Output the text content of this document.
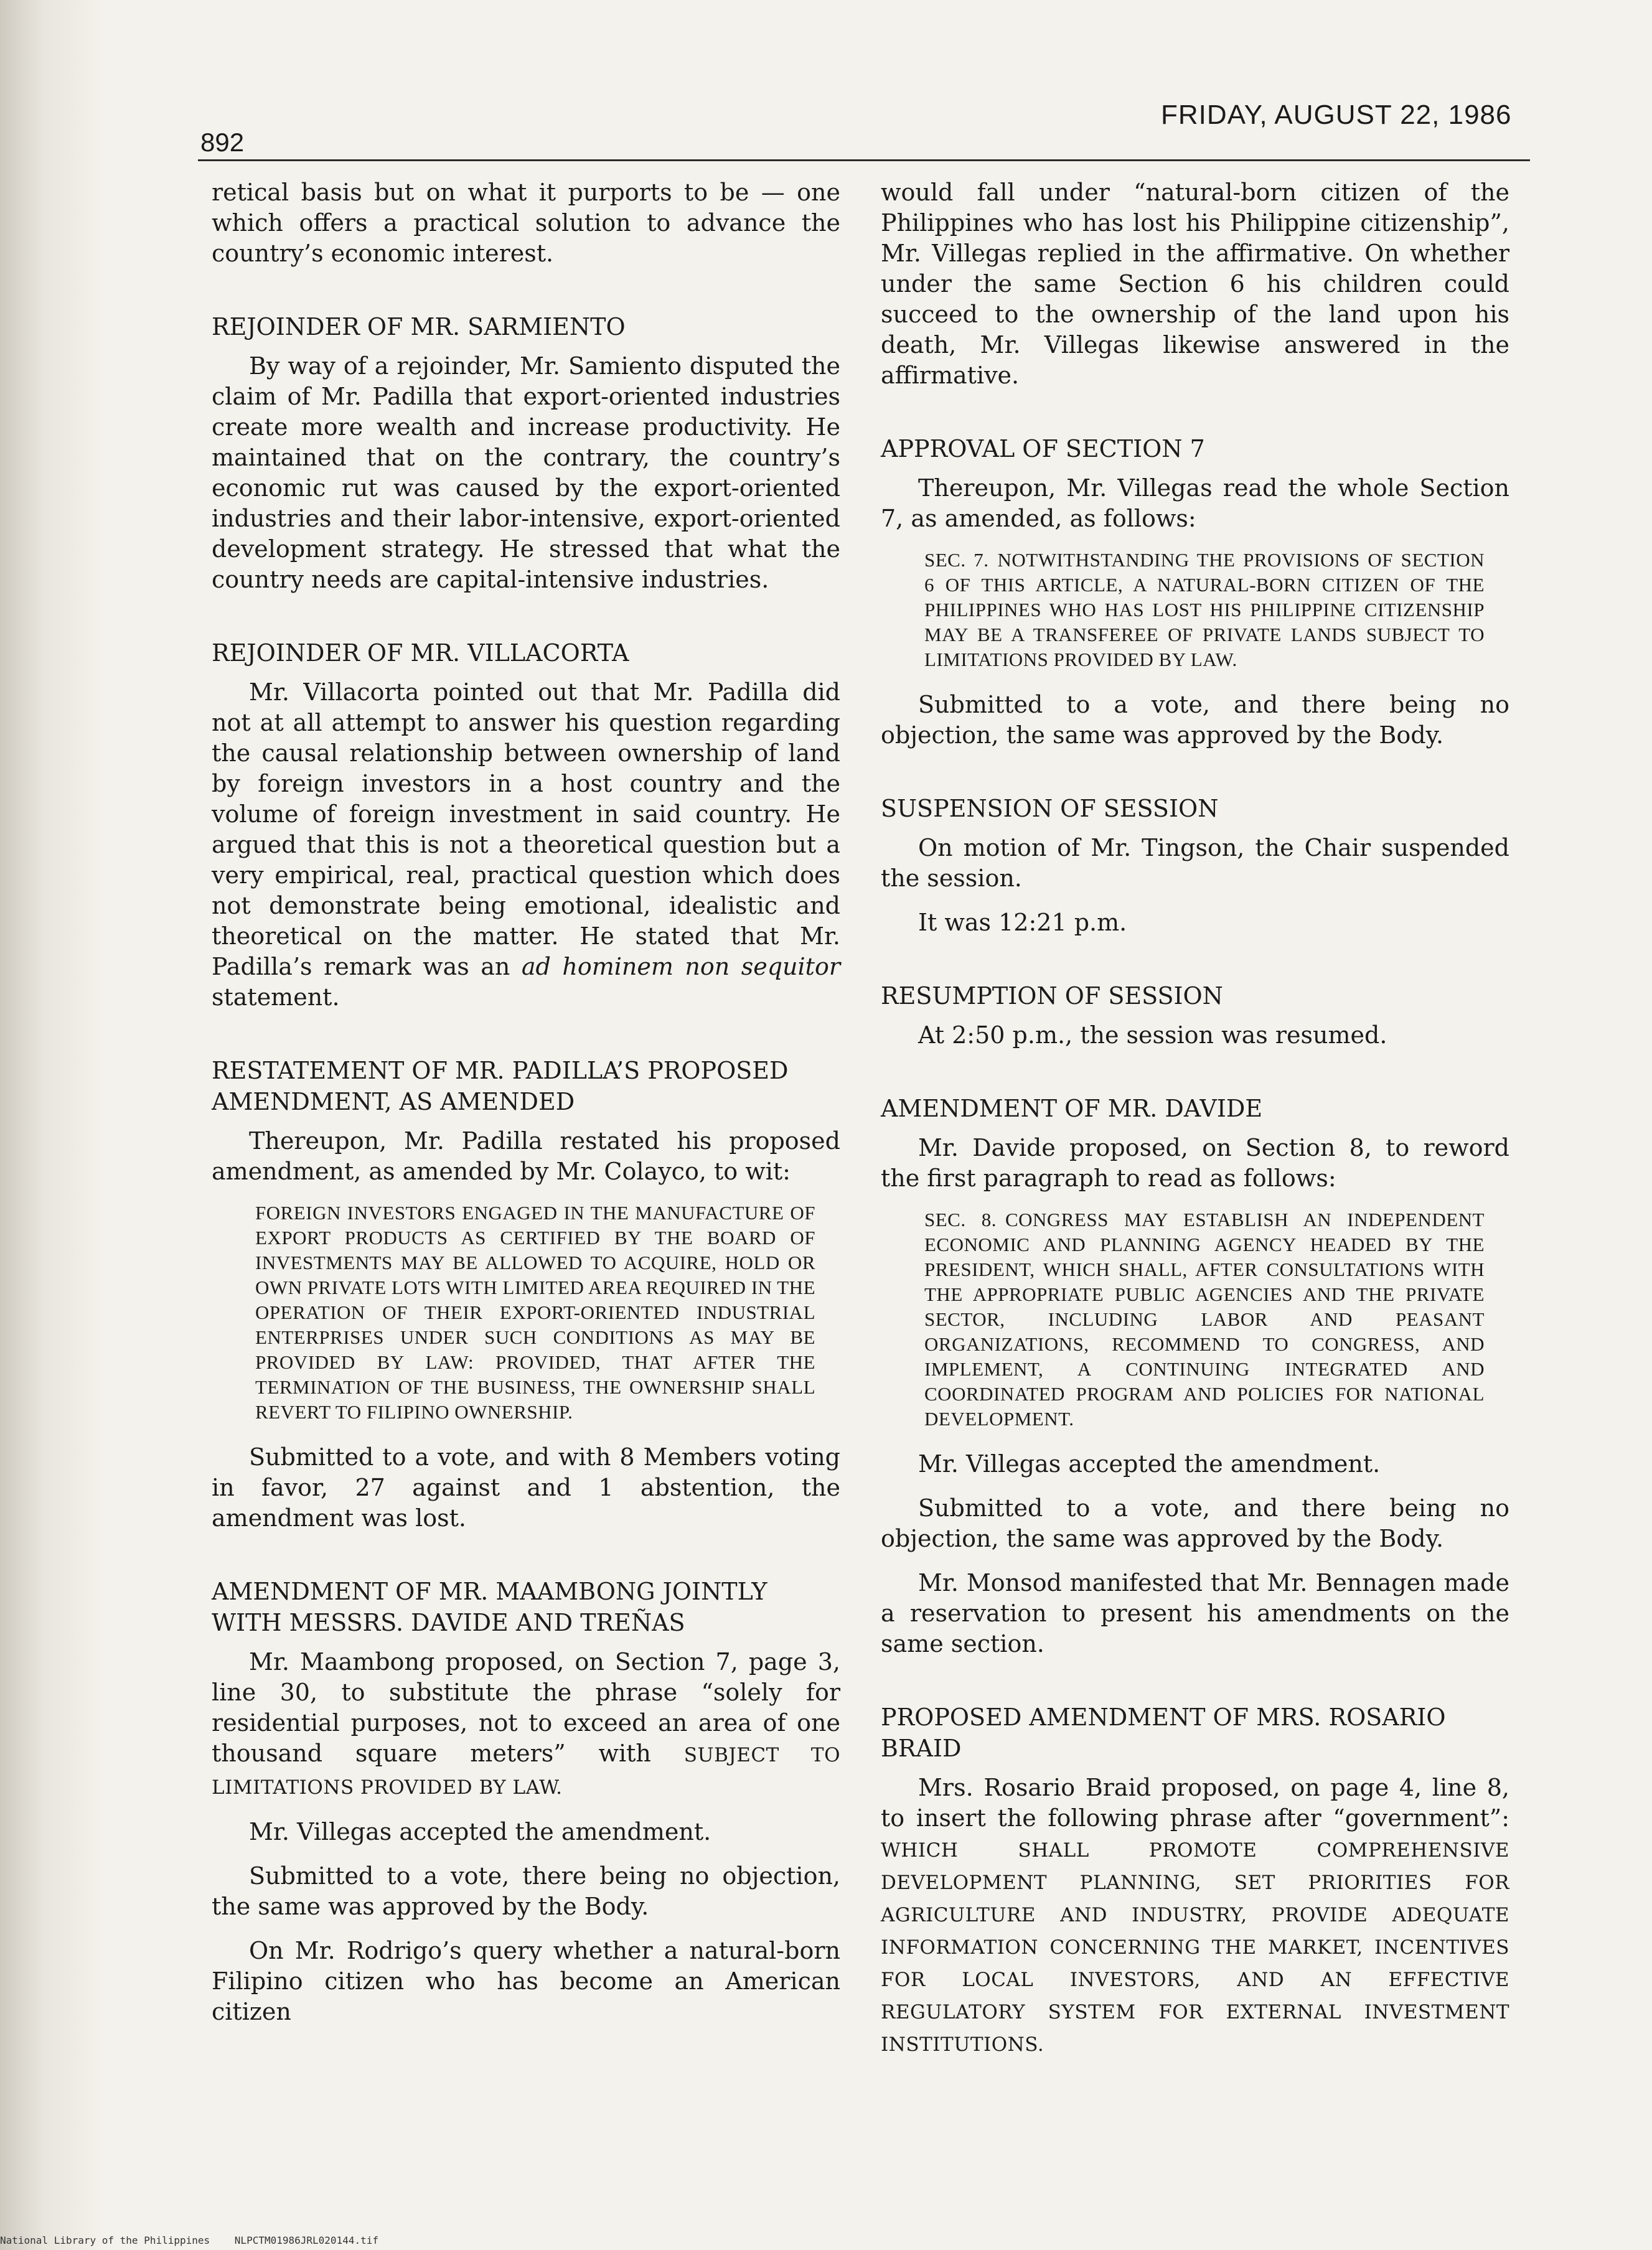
892
FRIDAY, AUGUST 22, 1986

retical basis but on what it purports to be — one which offers a practical solution to advance the country’s economic interest.

REJOINDER OF MR. SARMIENTO

By way of a rejoinder, Mr. Samiento disputed the claim of Mr. Padilla that export-oriented industries create more wealth and increase productivity. He maintained that on the contrary, the country’s economic rut was caused by the export-oriented industries and their labor-intensive, export-oriented development strategy. He stressed that what the country needs are capital-intensive industries.

REJOINDER OF MR. VILLACORTA

Mr. Villacorta pointed out that Mr. Padilla did not at all attempt to answer his question regarding the causal relationship between ownership of land by foreign investors in a host country and the volume of foreign investment in said country. He argued that this is not a theoretical question but a very empirical, real, practical question which does not demonstrate being emotional, idealistic and theoretical on the matter. He stated that Mr. Padilla’s remark was an ad hominem non sequitor statement.

RESTATEMENT OF MR. PADILLA’S PROPOSED AMENDMENT, AS AMENDED

Thereupon, Mr. Padilla restated his proposed amendment, as amended by Mr. Colayco, to wit:

FOREIGN INVESTORS ENGAGED IN THE MANUFACTURE OF EXPORT PRODUCTS AS CERTIFIED BY THE BOARD OF INVESTMENTS MAY BE ALLOWED TO ACQUIRE, HOLD OR OWN PRIVATE LOTS WITH LIMITED AREA REQUIRED IN THE OPERATION OF THEIR EXPORT-ORIENTED INDUSTRIAL ENTERPRISES UNDER SUCH CONDITIONS AS MAY BE PROVIDED BY LAW: PROVIDED, THAT AFTER THE TERMINATION OF THE BUSINESS, THE OWNERSHIP SHALL REVERT TO FILIPINO OWNERSHIP.

Submitted to a vote, and with 8 Members voting in favor, 27 against and 1 abstention, the amendment was lost.

AMENDMENT OF MR. MAAMBONG JOINTLY WITH MESSRS. DAVIDE AND TREÑAS

Mr. Maambong proposed, on Section 7, page 3, line 30, to substitute the phrase “solely for residential purposes, not to exceed an area of one thousand square meters” with SUBJECT TO LIMITATIONS PROVIDED BY LAW.

Mr. Villegas accepted the amendment.

Submitted to a vote, there being no objection, the same was approved by the Body.

On Mr. Rodrigo’s query whether a natural-born Filipino citizen who has become an American citizen

would fall under “natural-born citizen of the Philippines who has lost his Philippine citizenship”, Mr. Villegas replied in the affirmative. On whether under the same Section 6 his children could succeed to the ownership of the land upon his death, Mr. Villegas likewise answered in the affirmative.

APPROVAL OF SECTION 7

Thereupon, Mr. Villegas read the whole Section 7, as amended, as follows:

SEC. 7. NOTWITHSTANDING THE PROVISIONS OF SECTION 6 OF THIS ARTICLE, A NATURAL-BORN CITIZEN OF THE PHILIPPINES WHO HAS LOST HIS PHILIPPINE CITIZENSHIP MAY BE A TRANSFEREE OF PRIVATE LANDS SUBJECT TO LIMITATIONS PROVIDED BY LAW.

Submitted to a vote, and there being no objection, the same was approved by the Body.

SUSPENSION OF SESSION

On motion of Mr. Tingson, the Chair suspended the session.

It was 12:21 p.m.

RESUMPTION OF SESSION

At 2:50 p.m., the session was resumed.

AMENDMENT OF MR. DAVIDE

Mr. Davide proposed, on Section 8, to reword the first paragraph to read as follows:

SEC. 8. CONGRESS MAY ESTABLISH AN INDEPENDENT ECONOMIC AND PLANNING AGENCY HEADED BY THE PRESIDENT, WHICH SHALL, AFTER CONSULTATIONS WITH THE APPROPRIATE PUBLIC AGENCIES AND THE PRIVATE SECTOR, INCLUDING LABOR AND PEASANT ORGANIZATIONS, RECOMMEND TO CONGRESS, AND IMPLEMENT, A CONTINUING INTEGRATED AND COORDINATED PROGRAM AND POLICIES FOR NATIONAL DEVELOPMENT.

Mr. Villegas accepted the amendment.

Submitted to a vote, and there being no objection, the same was approved by the Body.

Mr. Monsod manifested that Mr. Bennagen made a reservation to present his amendments on the same section.

PROPOSED AMENDMENT OF MRS. ROSARIO BRAID

Mrs. Rosario Braid proposed, on page 4, line 8, to insert the following phrase after “government”: WHICH SHALL PROMOTE COMPREHENSIVE DEVELOPMENT PLANNING, SET PRIORITIES FOR AGRICULTURE AND INDUSTRY, PROVIDE ADEQUATE INFORMATION CONCERNING THE MARKET, INCENTIVES FOR LOCAL INVESTORS, AND AN EFFECTIVE REGULATORY SYSTEM FOR EXTERNAL INVESTMENT INSTITUTIONS.

National Library of the Philippines NLPCTM01986JRL020144.tif
